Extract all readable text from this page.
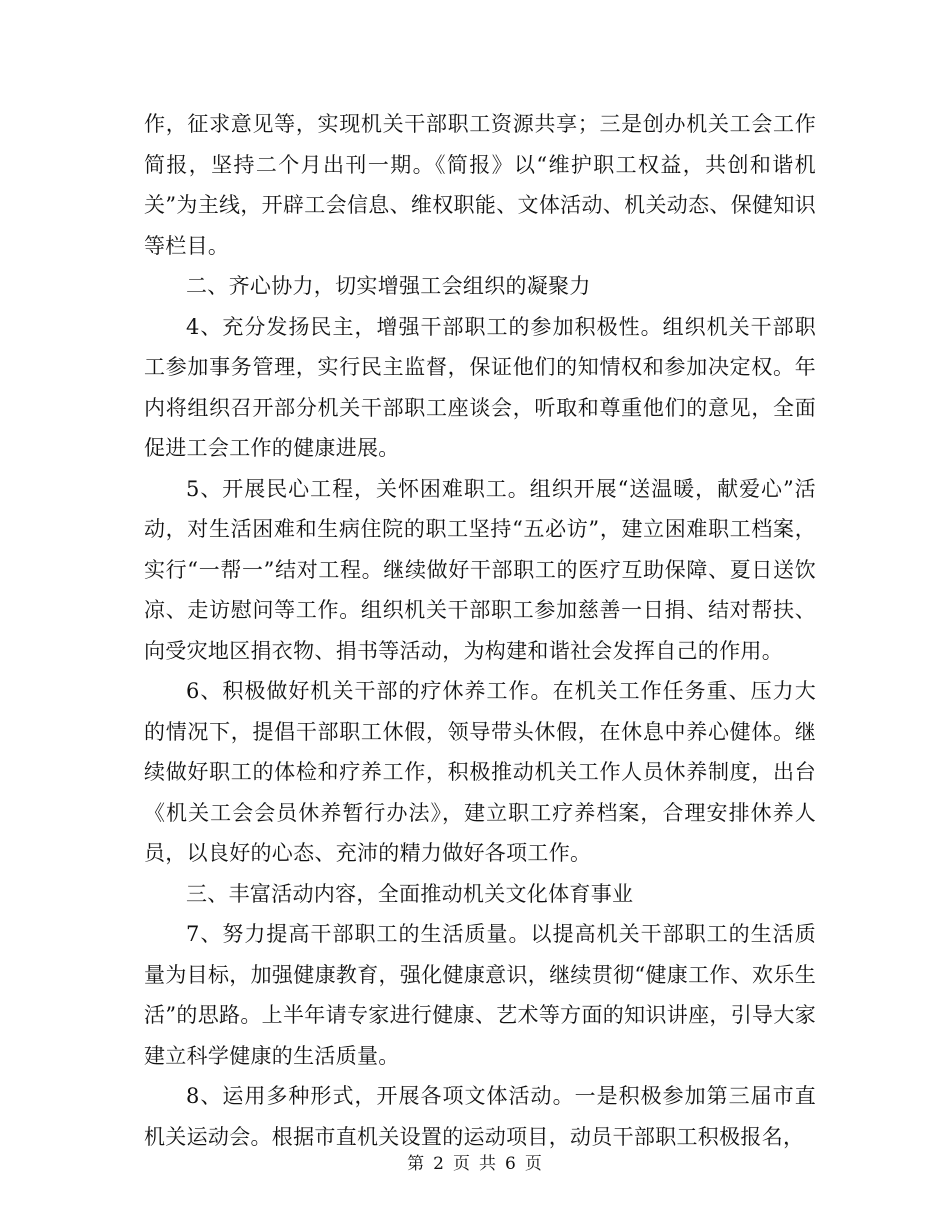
作，征求意见等，实现机关干部职工资源共享；三是创办机关工会工作简报，坚持二个月出刊一期。《简报》以“维护职工权益，共创和谐机关”为主线，开辟工会信息、维权职能、文体活动、机关动态、保健知识等栏目。

二、齐心协力，切实增强工会组织的凝聚力

4、充分发扬民主，增强干部职工的参加积极性。组织机关干部职工参加事务管理，实行民主监督，保证他们的知情权和参加决定权。年内将组织召开部分机关干部职工座谈会，听取和尊重他们的意见，全面促进工会工作的健康进展。

5、开展民心工程，关怀困难职工。组织开展“送温暖，献爱心”活动，对生活困难和生病住院的职工坚持“五必访”，建立困难职工档案，实行“一帮一”结对工程。继续做好干部职工的医疗互助保障、夏日送饮凉、走访慰问等工作。组织机关干部职工参加慈善一日捐、结对帮扶、向受灾地区捐衣物、捐书等活动，为构建和谐社会发挥自己的作用。

6、积极做好机关干部的疗休养工作。在机关工作任务重、压力大的情况下，提倡干部职工休假，领导带头休假，在休息中养心健体。继续做好职工的体检和疗养工作，积极推动机关工作人员休养制度，出台《机关工会会员休养暂行办法》，建立职工疗养档案，合理安排休养人员，以良好的心态、充沛的精力做好各项工作。

三、丰富活动内容，全面推动机关文化体育事业

7、努力提高干部职工的生活质量。以提高机关干部职工的生活质量为目标，加强健康教育，强化健康意识，继续贯彻“健康工作、欢乐生活”的思路。上半年请专家进行健康、艺术等方面的知识讲座，引导大家建立科学健康的生活质量。

8、运用多种形式，开展各项文体活动。一是积极参加第三届市直机关运动会。根据市直机关设置的运动项目，动员干部职工积极报名，

第 2 页 共 6 页
